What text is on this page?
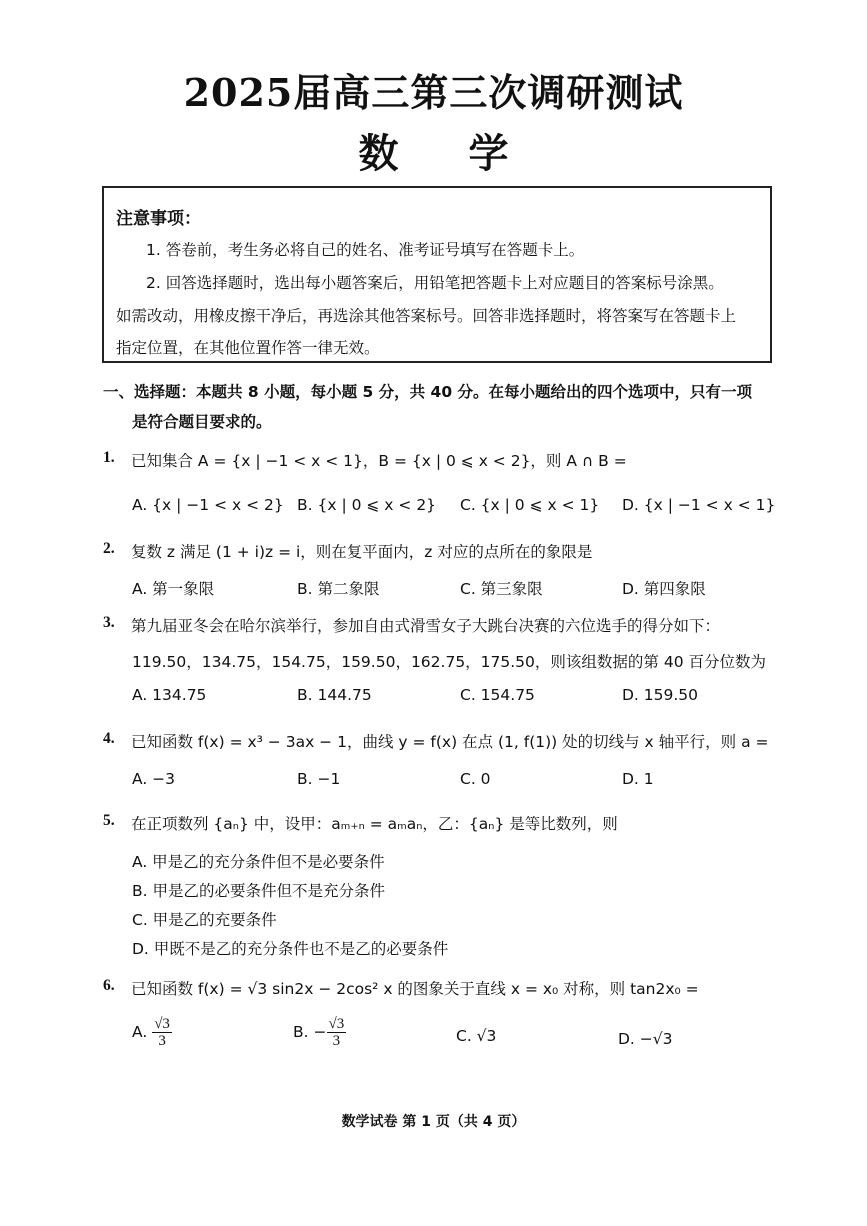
2025届高三第三次调研测试
数学
注意事项：
1. 答卷前，考生务必将自己的姓名、准考证号填写在答题卡上。
2. 回答选择题时，选出每小题答案后，用铅笔把答题卡上对应题目的答案标号涂黑。
如需改动，用橡皮擦干净后，再选涂其他答案标号。回答非选择题时，将答案写在答题卡上
指定位置，在其他位置作答一律无效。
一、选择题：本题共 8 小题，每小题 5 分，共 40 分。在每小题给出的四个选项中，只有一项
是符合题目要求的。
1. 已知集合 A = {x | −1 < x < 1}，B = {x | 0 ⩽ x < 2}，则 A ∩ B =
A. {x | −1 < x < 2} B. {x | 0 ⩽ x < 2} C. {x | 0 ⩽ x < 1} D. {x | −1 < x < 1}
2. 复数 z 满足 (1 + i)z = i，则在复平面内，z 对应的点所在的象限是
A. 第一象限	B. 第二象限	C. 第三象限	D. 第四象限
3. 第九届亚冬会在哈尔滨举行，参加自由式滑雪女子大跳台决赛的六位选手的得分如下：
119.50，134.75，154.75，159.50，162.75，175.50，则该组数据的第 40 百分位数为
A. 134.75	B. 144.75	C. 154.75	D. 159.50
4. 已知函数 f(x) = x³ − 3ax − 1，曲线 y = f(x) 在点 (1, f(1)) 处的切线与 x 轴平行，则 a =
A. −3	B. −1	C. 0	D. 1
5. 在正项数列 {aₙ} 中，设甲：aₘ₊ₙ = aₘaₙ，乙：{aₙ} 是等比数列，则
A. 甲是乙的充分条件但不是必要条件
B. 甲是乙的必要条件但不是充分条件
C. 甲是乙的充要条件
D. 甲既不是乙的充分条件也不是乙的必要条件
6. 已知函数 f(x) = √3 sin2x − 2cos² x 的图象关于直线 x = x₀ 对称，则 tan2x₀ =
A. $\frac{√3}{3}$	B. − $\frac{√3}{3}$	C. √3	D. −√3
数学试卷 第 1 页（共 4 页）
